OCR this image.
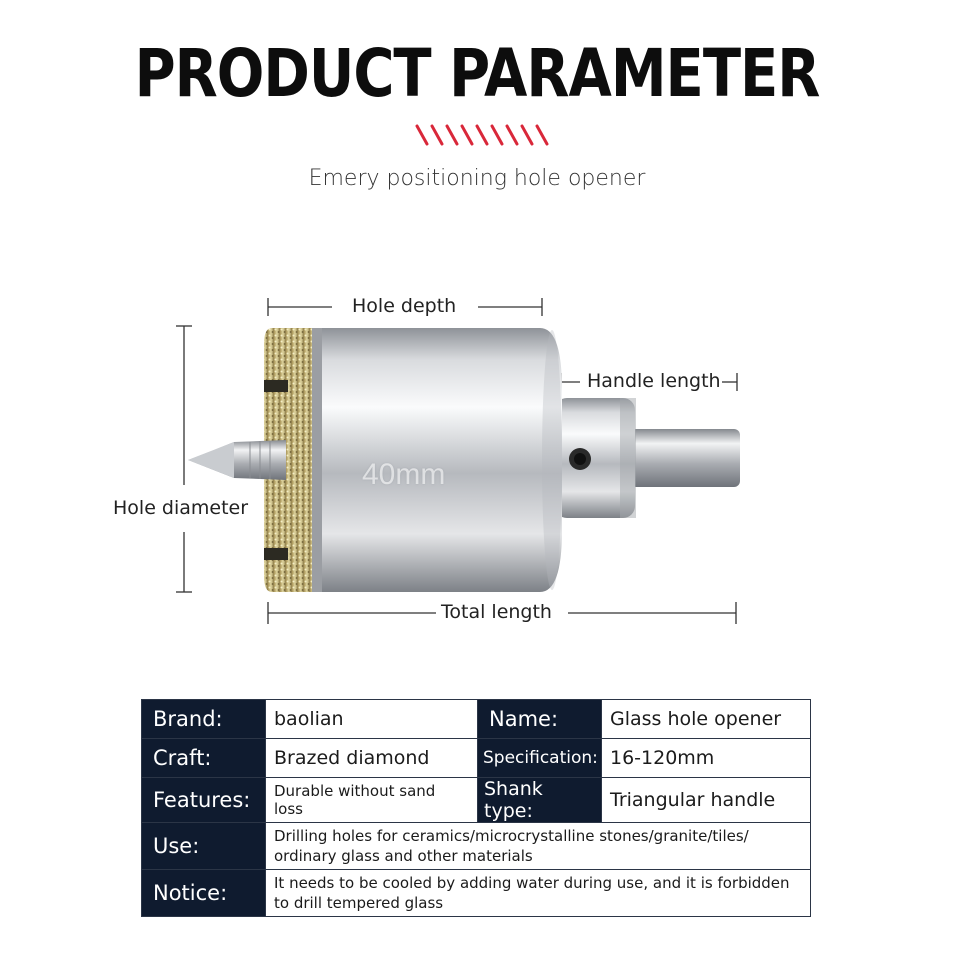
PRODUCT PARAMETER
Emery positioning hole opener
Hole depth
Handle length
Hole diameter
Total length
40mm
Brand:	baolian	Name:	Glass hole opener
Craft:	Brazed diamond	Specification:	16-120mm
Features:	Durable without sand loss	Shank type:	Triangular handle
Use:	Drilling holes for ceramics/microcrystalline stones/granite/tiles/ ordinary glass and other materials		
Notice:	It needs to be cooled by adding water during use, and it is forbidden to drill tempered glass		
